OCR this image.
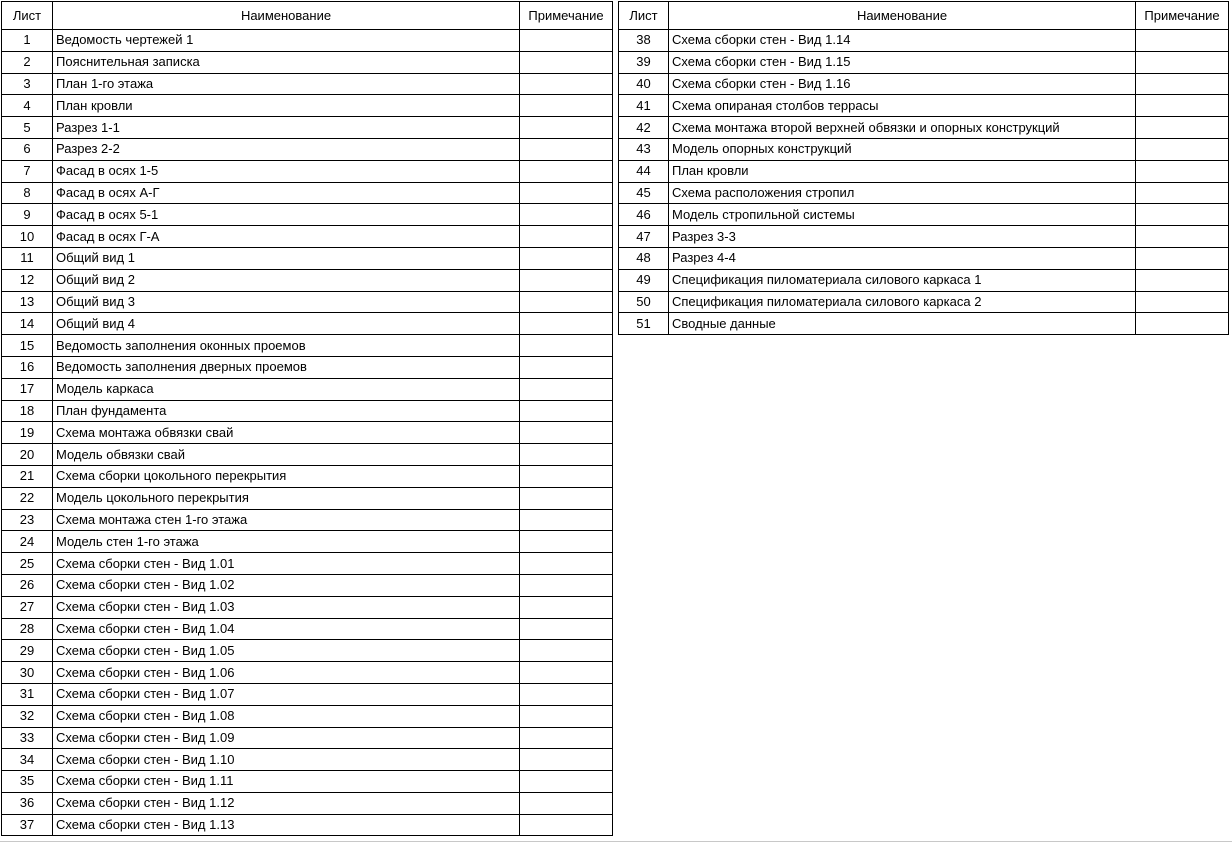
Лист	Наименование	Примечание
1	Ведомость чертежей 1	
2	Пояснительная записка	
3	План 1-го этажа	
4	План кровли	
5	Разрез 1-1	
6	Разрез 2-2	
7	Фасад в осях 1-5	
8	Фасад в осях А-Г	
9	Фасад в осях 5-1	
10	Фасад в осях Г-А	
11	Общий вид 1	
12	Общий вид 2	
13	Общий вид 3	
14	Общий вид 4	
15	Ведомость заполнения оконных проемов	
16	Ведомость заполнения дверных проемов	
17	Модель каркаса	
18	План фундамента	
19	Схема монтажа обвязки свай	
20	Модель обвязки свай	
21	Схема сборки цокольного перекрытия	
22	Модель цокольного перекрытия	
23	Схема монтажа стен 1-го этажа	
24	Модель стен 1-го этажа	
25	Схема сборки стен - Вид 1.01	
26	Схема сборки стен - Вид 1.02	
27	Схема сборки стен - Вид 1.03	
28	Схема сборки стен - Вид 1.04	
29	Схема сборки стен - Вид 1.05	
30	Схема сборки стен - Вид 1.06	
31	Схема сборки стен - Вид 1.07	
32	Схема сборки стен - Вид 1.08	
33	Схема сборки стен - Вид 1.09	
34	Схема сборки стен - Вид 1.10	
35	Схема сборки стен - Вид 1.11	
36	Схема сборки стен - Вид 1.12	
37	Схема сборки стен - Вид 1.13	
Лист	Наименование	Примечание
38	Схема сборки стен - Вид 1.14	
39	Схема сборки стен - Вид 1.15	
40	Схема сборки стен - Вид 1.16	
41	Схема опираная столбов террасы	
42	Схема монтажа второй верхней обвязки и опорных конструкций	
43	Модель опорных конструкций	
44	План кровли	
45	Схема расположения стропил	
46	Модель стропильной системы	
47	Разрез 3-3	
48	Разрез 4-4	
49	Спецификация пиломатериала силового каркаса 1	
50	Спецификация пиломатериала силового каркаса 2	
51	Сводные данные	
